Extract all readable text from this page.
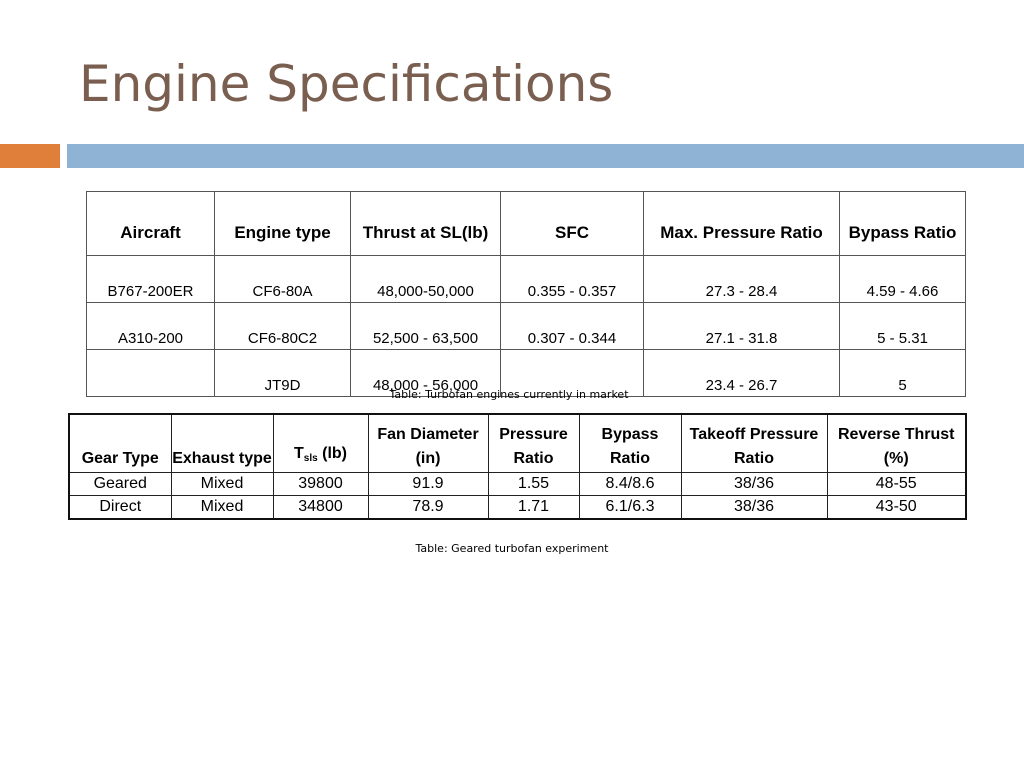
Engine Specifications
Aircraft	Engine type	Thrust at SL(lb)	SFC	Max. Pressure Ratio	Bypass Ratio
B767-200ER	CF6-80A	48,000-50,000	0.355 - 0.357	27.3 - 28.4	4.59 - 4.66
A310-200	CF6-80C2	52,500 - 63,500	0.307 - 0.344	27.1 - 31.8	5 - 5.31
	JT9D	48,000 - 56,000		23.4 - 26.7	5
Table: Turbofan engines currently in market
Gear Type	Exhaust type	$T_{sls}$ (lb)	Fan Diameter (in)	Pressure Ratio	Bypass Ratio	Takeoff Pressure Ratio	Reverse Thrust (%)
Geared	Mixed	39800	91.9	1.55	8.4/8.6	38/36	48-55
Direct	Mixed	34800	78.9	1.71	6.1/6.3	38/36	43-50
Table: Geared turbofan experiment
